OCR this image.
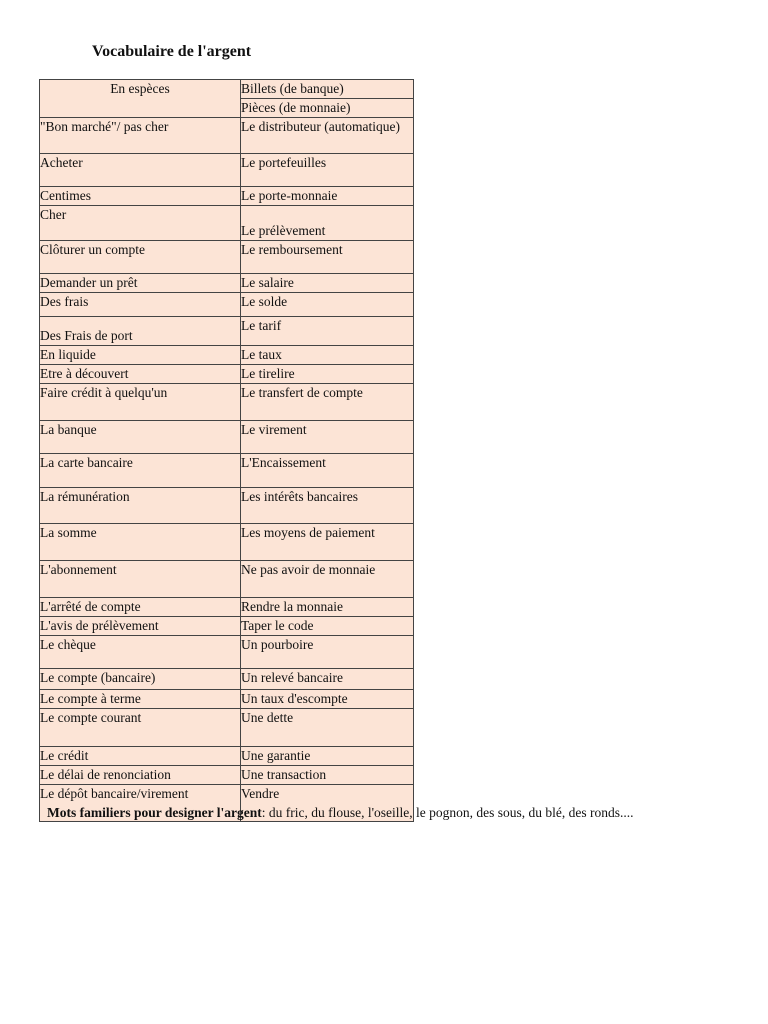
Vocabulaire de l'argent
En espèces	Billets (de banque)
	Pièces (de monnaie)
"Bon marché"/ pas cher	Le distributeur (automatique)
Acheter	Le portefeuilles
Centimes	Le porte-monnaie
Cher	Le prélèvement
Clôturer un compte	Le remboursement
Demander un prêt	Le salaire
Des frais	Le solde
Des Frais de port	Le tarif
En liquide	Le taux
Etre à découvert	Le tirelire
Faire crédit à quelqu'un	Le transfert de compte
La banque	Le virement
La carte bancaire	L'Encaissement
La rémunération	Les intérêts bancaires
La somme	Les moyens de paiement
L'abonnement	Ne pas avoir de monnaie
L'arrêté de compte	Rendre la monnaie
L'avis de prélèvement	Taper le code
Le chèque	Un pourboire
Le compte (bancaire)	Un relevé bancaire
Le compte à terme	Un taux d'escompte
Le compte courant	Une dette
Le crédit	Une garantie
Le délai de renonciation	Une transaction
Le dépôt bancaire/virement	Vendre
Mots familiers pour designer l'argent: du fric, du flouse, l'oseille, le pognon, des sous, du blé, des ronds....
